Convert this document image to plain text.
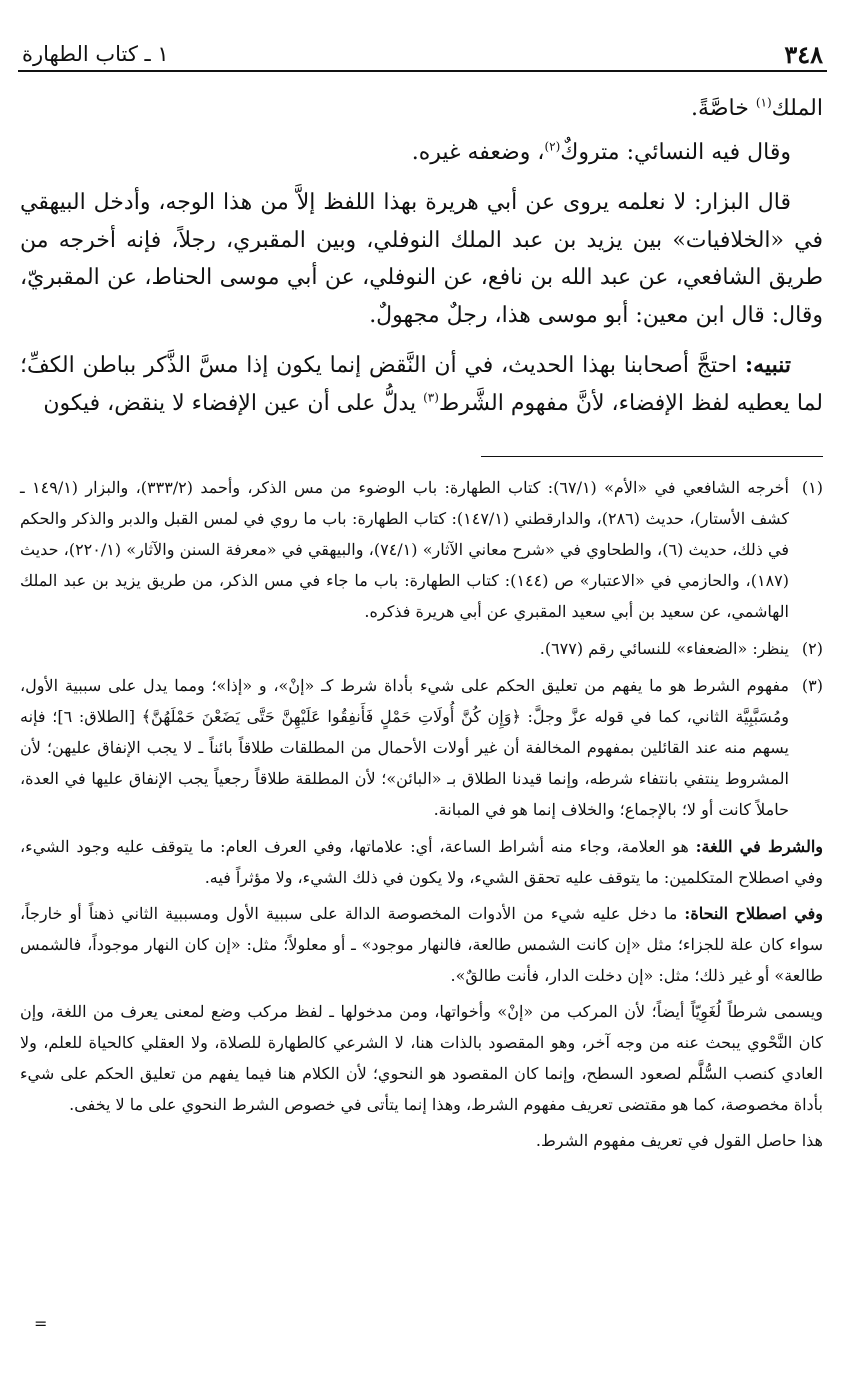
٣٤٨
١ ـ كتاب الطهارة

الملك$^{(١)}$ خاصَّةً.

وقال فيه النسائي: متروكٌ$^{(٢)}$، وضعفه غيره.

قال البزار: لا نعلمه يروى عن أبي هريرة بهذا اللفظ إلاَّ من هذا الوجه، وأدخل البيهقي في «الخلافيات» بين يزيد بن عبد الملك النوفلي، وبين المقبري، رجلاً، فإنه أخرجه من طريق الشافعي، عن عبد الله بن نافع، عن النوفلي، عن أبي موسى الحناط، عن المقبريّ، وقال: قال ابن معين: أبو موسى هذا، رجلٌ مجهولٌ.

تنبيه: احتجَّ أصحابنا بهذا الحديث، في أن النَّقض إنما يكون إذا مسَّ الذَّكر بباطن الكفِّ؛ لما يعطيه لفظ الإفضاء، لأنَّ مفهوم الشَّرط$^{(٣)}$ يدلُّ على أن عين الإفضاء لا ينقض، فيكون

(١)
أخرجه الشافعي في «الأم» (٦٧/١): كتاب الطهارة: باب الوضوء من مس الذكر، وأحمد (٣٣٣/٢)، والبزار (١٤٩/١ ـ كشف الأستار)، حديث (٢٨٦)، والدارقطني (١٤٧/١): كتاب الطهارة: باب ما روي في لمس القبل والدبر والذكر والحكم في ذلك، حديث (٦)، والطحاوي في «شرح معاني الآثار» (٧٤/١)، والبيهقي في «معرفة السنن والآثار» (٢٢٠/١)، حديث (١٨٧)، والحازمي في «الاعتبار» ص (١٤٤): كتاب الطهارة: باب ما جاء في مس الذكر، من طريق يزيد بن عبد الملك الهاشمي، عن سعيد بن أبي سعيد المقبري عن أبي هريرة فذكره.
(٢)
ينظر: «الضعفاء» للنسائي رقم (٦٧٧).
(٣)
مفهوم الشرط هو ما يفهم من تعليق الحكم على شيء بأداة شرط كـ «إنْ»، و «إذا»؛ ومما يدل على سببية الأول، ومُسَبَّبِيَّة الثاني، كما في قوله عزَّ وجلَّ: ﴿وَإِن كُنَّ أُولَاتِ حَمْلٍ فَأَنفِقُوا عَلَيْهِنَّ حَتَّى يَضَعْنَ حَمْلَهُنَّ﴾ [الطلاق: ٦]؛ فإنه يسهم منه عند القائلين بمفهوم المخالفة أن غير أولات الأحمال من المطلقات طلاقاً بائناً ـ لا يجب الإنفاق عليهن؛ لأن المشروط ينتفي بانتفاء شرطه، وإنما قيدنا الطلاق بـ «البائن»؛ لأن المطلقة طلاقاً رجعياً يجب الإنفاق عليها في العدة، حاملاً كانت أو لا؛ بالإجماع؛ والخلاف إنما هو في المبانة.

والشرط في اللغة: هو العلامة، وجاء منه أشراط الساعة، أي: علاماتها، وفي العرف العام: ما يتوقف عليه وجود الشيء، وفي اصطلاح المتكلمين: ما يتوقف عليه تحقق الشيء، ولا يكون في ذلك الشيء، ولا مؤثراً فيه.

وفي اصطلاح النحاة: ما دخل عليه شيء من الأدوات المخصوصة الدالة على سببية الأول ومسببية الثاني ذهناً أو خارجاً، سواء كان علة للجزاء؛ مثل «إن كانت الشمس طالعة، فالنهار موجود» ـ أو معلولاً؛ مثل: «إن كان النهار موجوداً، فالشمس طالعة» أو غير ذلك؛ مثل: «إن دخلت الدار، فأنت طالقٌ».

ويسمى شرطاً لُغَوِيّاً أيضاً؛ لأن المركب من «إنْ» وأخواتها، ومن مدخولها ـ لفظ مركب وضع لمعنى يعرف من اللغة، وإن كان النَّحْوي يبحث عنه من وجه آخر، وهو المقصود بالذات هنا، لا الشرعي كالطهارة للصلاة، ولا العقلي كالحياة للعلم، ولا العادي كنصب السُّلَّم لصعود السطح، وإنما كان المقصود هو النحوي؛ لأن الكلام هنا فيما يفهم من تعليق الحكم على شيء بأداة مخصوصة، كما هو مقتضى تعريف مفهوم الشرط، وهذا إنما يتأتى في خصوص الشرط النحوي على ما لا يخفى.

هذا حاصل القول في تعريف مفهوم الشرط.

=
